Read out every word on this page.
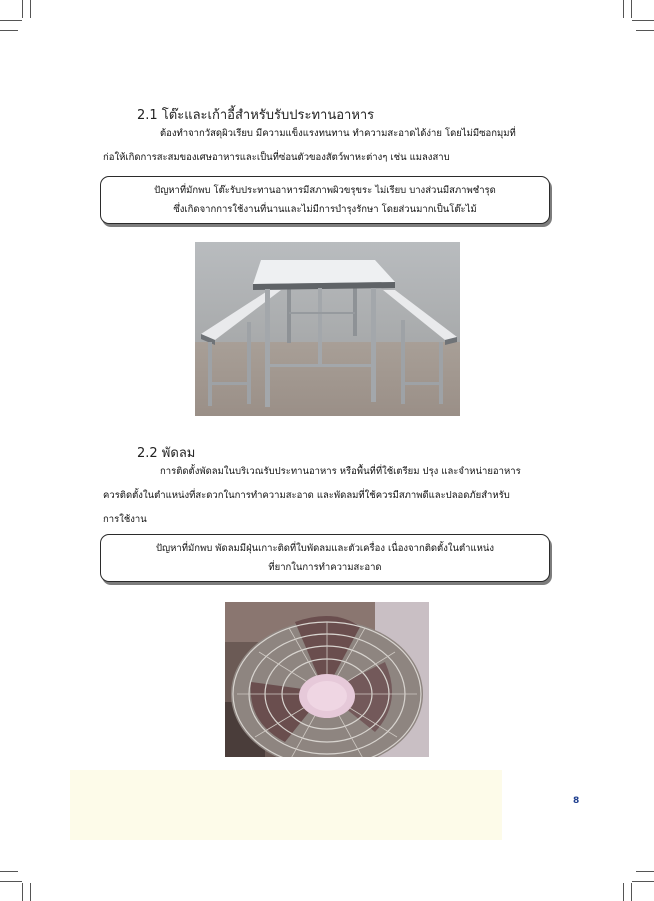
2.1 โต๊ะและเก้าอี้สำหรับรับประทานอาหาร
ต้องทำจากวัสดุผิวเรียบ มีความแข็งแรงทนทาน ทำความสะอาดได้ง่าย โดยไม่มีซอกมุมที่
ก่อให้เกิดการสะสมของเศษอาหารและเป็นที่ซ่อนตัวของสัตว์พาหะต่างๆ เช่น แมลงสาบ
ปัญหาที่มักพบ โต๊ะรับประทานอาหารมีสภาพผิวขรุขระ ไม่เรียบ บางส่วนมีสภาพชำรุด
ซึ่งเกิดจากการใช้งานที่นานและไม่มีการบำรุงรักษา โดยส่วนมากเป็นโต๊ะไม้
2.2 พัดลม
การติดตั้งพัดลมในบริเวณรับประทานอาหาร หรือพื้นที่ที่ใช้เตรียม ปรุง และจำหน่ายอาหาร
ควรติดตั้งในตำแหน่งที่สะดวกในการทำความสะอาด และพัดลมที่ใช้ควรมีสภาพดีและปลอดภัยสำหรับ
การใช้งาน
ปัญหาที่มักพบ พัดลมมีฝุ่นเกาะติดที่ใบพัดลมและตัวเครื่อง เนื่องจากติดตั้งในตำแหน่ง
ที่ยากในการทำความสะอาด
8
